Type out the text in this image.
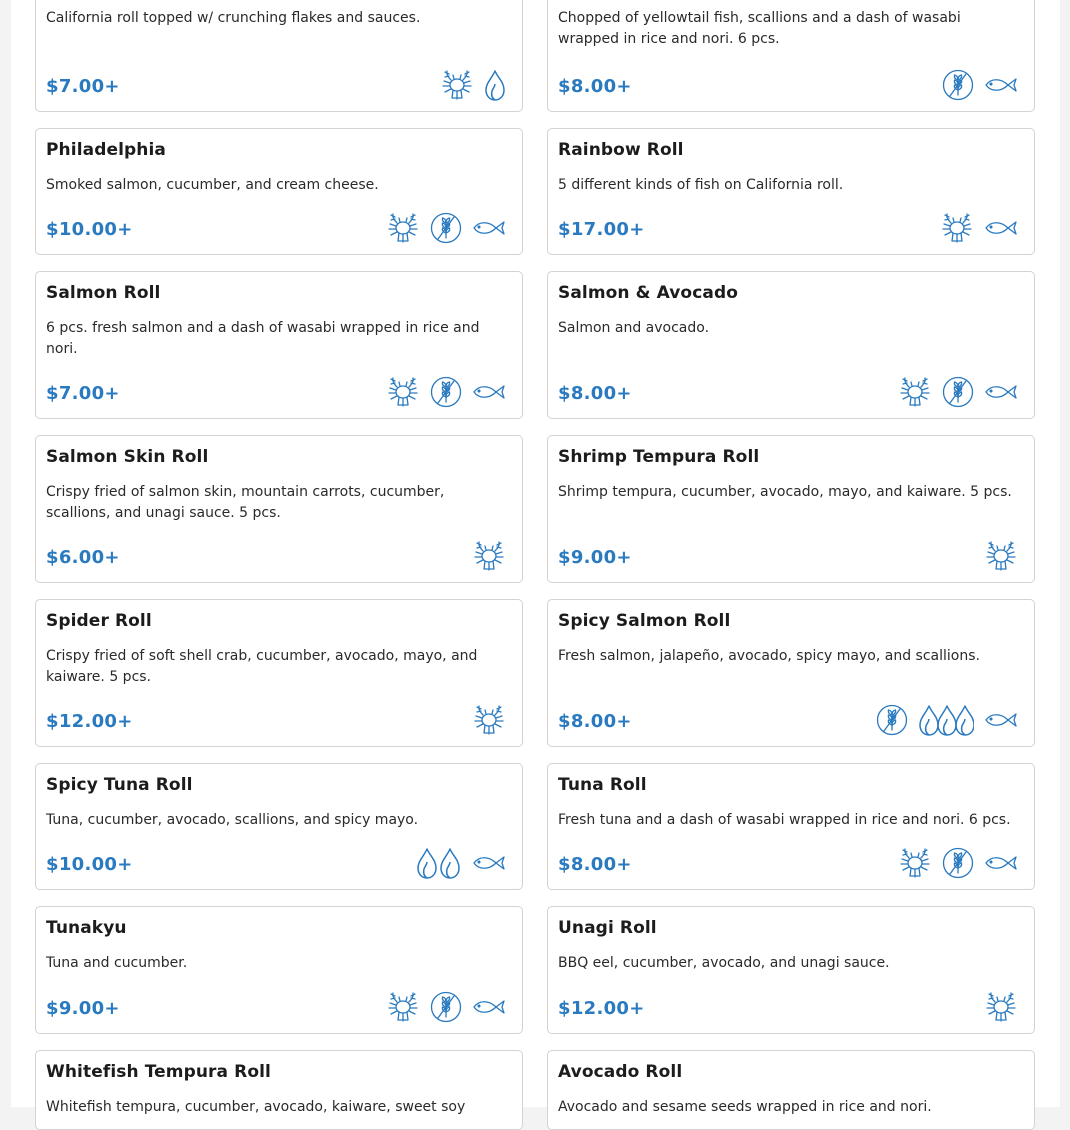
California roll topped w/ crunching flakes and sauces.
$7.00+
Chopped of yellowtail fish, scallions and a dash of wasabi wrapped in rice and nori. 6 pcs.
$8.00+
Philadelphia
Smoked salmon, cucumber, and cream cheese.
$10.00+
Rainbow Roll
5 different kinds of fish on California roll.
$17.00+
Salmon Roll
6 pcs. fresh salmon and a dash of wasabi wrapped in rice and nori.
$7.00+
Salmon & Avocado
Salmon and avocado.
$8.00+
Salmon Skin Roll
Crispy fried of salmon skin, mountain carrots, cucumber, scallions, and unagi sauce. 5 pcs.
$6.00+
Shrimp Tempura Roll
Shrimp tempura, cucumber, avocado, mayo, and kaiware. 5 pcs.
$9.00+
Spider Roll
Crispy fried of soft shell crab, cucumber, avocado, mayo, and kaiware. 5 pcs.
$12.00+
Spicy Salmon Roll
Fresh salmon, jalapeño, avocado, spicy mayo, and scallions.
$8.00+
Spicy Tuna Roll
Tuna, cucumber, avocado, scallions, and spicy mayo.
$10.00+
Tuna Roll
Fresh tuna and a dash of wasabi wrapped in rice and nori. 6 pcs.
$8.00+
Tunakyu
Tuna and cucumber.
$9.00+
Unagi Roll
BBQ eel, cucumber, avocado, and unagi sauce.
$12.00+
Whitefish Tempura Roll
Whitefish tempura, cucumber, avocado, kaiware, sweet soy
Avocado Roll
Avocado and sesame seeds wrapped in rice and nori.
